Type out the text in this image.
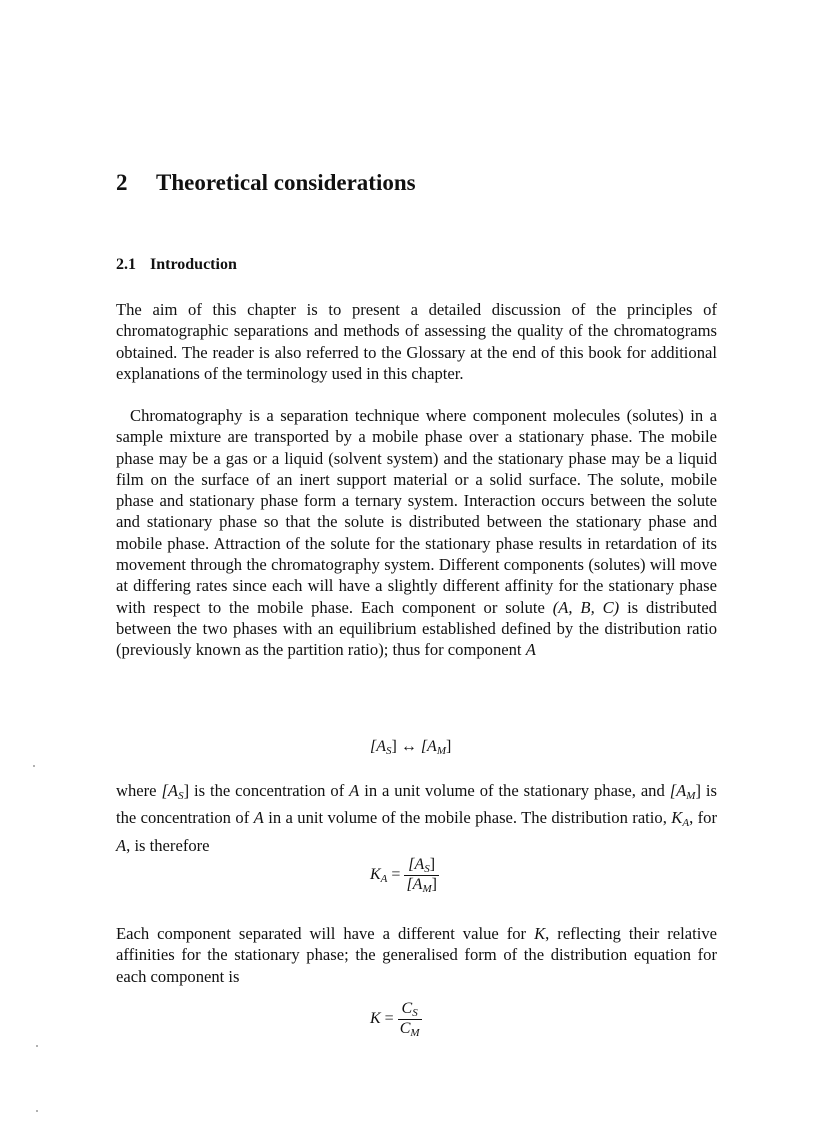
2 Theoretical considerations
2.1 Introduction

The aim of this chapter is to present a detailed discussion of the principles of chromatographic separations and methods of assessing the quality of the chromatograms obtained. The reader is also referred to the Glossary at the end of this book for additional explanations of the terminology used in this chapter.

Chromatography is a separation technique where component molecules (solutes) in a sample mixture are transported by a mobile phase over a stationary phase. The mobile phase may be a gas or a liquid (solvent system) and the stationary phase may be a liquid film on the surface of an inert support material or a solid surface. The solute, mobile phase and stationary phase form a ternary system. Interaction occurs between the solute and stationary phase so that the solute is distributed between the stationary phase and mobile phase. Attraction of the solute for the stationary phase results in retardation of its movement through the chromatography system. Different components (solutes) will move at differing rates since each will have a slightly different affinity for the stationary phase with respect to the mobile phase. Each component or solute (A, B, C) is distributed between the two phases with an equilibrium established defined by the distribution ratio (previously known as the partition ratio); thus for component A

$[A_S]$ ↔ $[A_M]$

where $[A_S]$ is the concentration of A in a unit volume of the stationary phase, and $[A_M]$ is the concentration of A in a unit volume of the mobile phase. The distribution ratio, $K_A$, for A, is therefore

$K_A = \frac{[A_S]}{[A_M]}$

Each component separated will have a different value for K, reflecting their relative affinities for the stationary phase; the generalised form of the distribution equation for each component is

$K = \frac{C_S}{C_M}$
